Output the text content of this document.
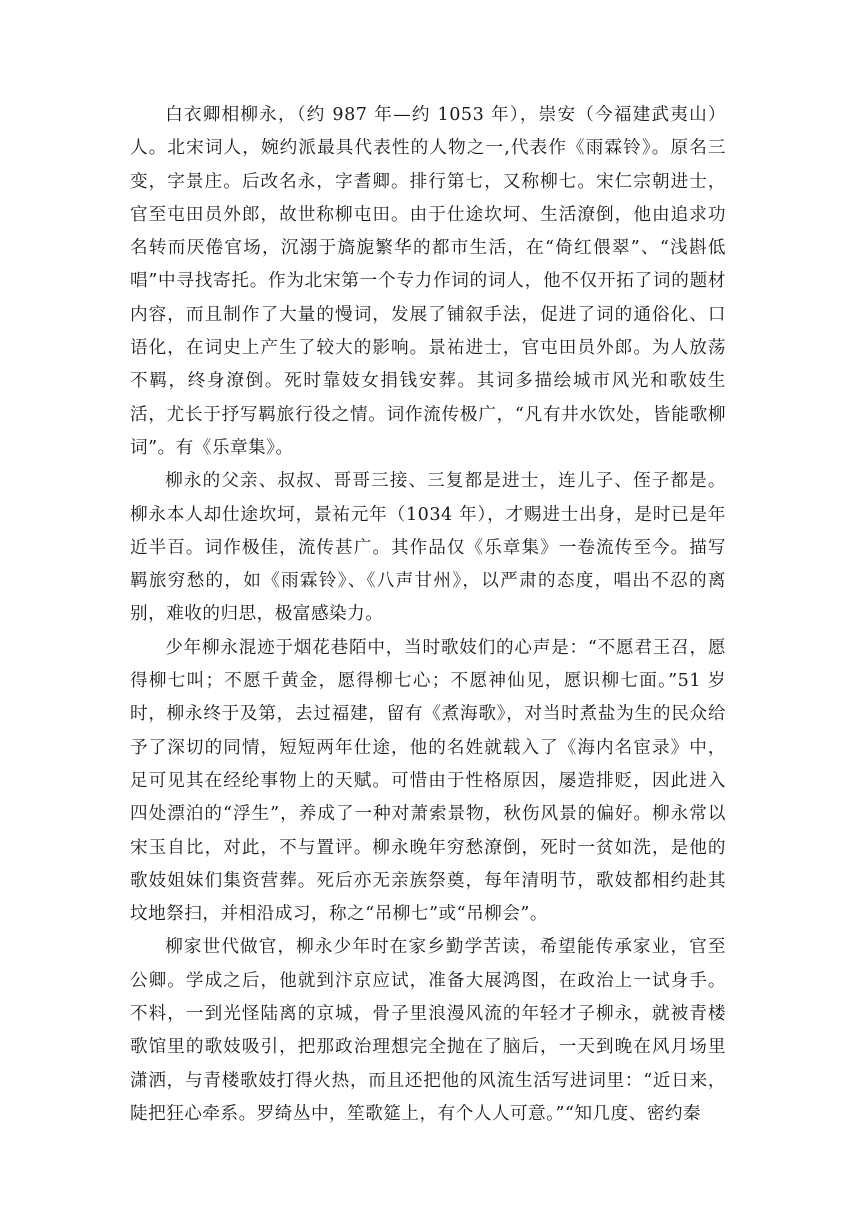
白衣卿相柳永，（约 987 年—约 1053 年），崇安（今福建武夷山）人。北宋词人，婉约派最具代表性的人物之一,代表作《雨霖铃》。原名三变，字景庄。后改名永，字耆卿。排行第七，又称柳七。宋仁宗朝进士，官至屯田员外郎，故世称柳屯田。由于仕途坎坷、生活潦倒，他由追求功名转而厌倦官场，沉溺于旖旎繁华的都市生活，在“倚红偎翠”、“浅斟低唱”中寻找寄托。作为北宋第一个专力作词的词人，他不仅开拓了词的题材内容，而且制作了大量的慢词，发展了铺叙手法，促进了词的通俗化、口语化，在词史上产生了较大的影响。景祐进士，官屯田员外郎。为人放荡不羁，终身潦倒。死时靠妓女捐钱安葬。其词多描绘城市风光和歌妓生活，尤长于抒写羁旅行役之情。词作流传极广，“凡有井水饮处，皆能歌柳词”。有《乐章集》。

柳永的父亲、叔叔、哥哥三接、三复都是进士，连儿子、侄子都是。柳永本人却仕途坎坷，景祐元年（1034 年），才赐进士出身，是时已是年近半百。词作极佳，流传甚广。其作品仅《乐章集》一卷流传至今。描写羁旅穷愁的，如《雨霖铃》、《八声甘州》，以严肃的态度，唱出不忍的离别，难收的归思，极富感染力。

少年柳永混迹于烟花巷陌中，当时歌妓们的心声是：“不愿君王召，愿得柳七叫；不愿千黄金，愿得柳七心；不愿神仙见，愿识柳七面。”51 岁时，柳永终于及第，去过福建，留有《煮海歌》，对当时煮盐为生的民众给予了深切的同情，短短两年仕途，他的名姓就载入了《海内名宦录》中，足可见其在经纶事物上的天赋。可惜由于性格原因，屡造排贬，因此进入四处漂泊的“浮生”，养成了一种对萧索景物，秋伤风景的偏好。柳永常以宋玉自比，对此，不与置评。柳永晚年穷愁潦倒，死时一贫如洗，是他的歌妓姐妹们集资营葬。死后亦无亲族祭奠，每年清明节，歌妓都相约赴其坟地祭扫，并相沿成习，称之“吊柳七”或“吊柳会”。

柳家世代做官，柳永少年时在家乡勤学苦读，希望能传承家业，官至公卿。学成之后，他就到汴京应试，准备大展鸿图，在政治上一试身手。不料，一到光怪陆离的京城，骨子里浪漫风流的年轻才子柳永，就被青楼歌馆里的歌妓吸引，把那政治理想完全抛在了脑后，一天到晚在风月场里潇洒，与青楼歌妓打得火热，而且还把他的风流生活写进词里：“近日来，陡把狂心牵系。罗绮丛中，笙歌筵上，有个人人可意。”“知几度、密约秦
